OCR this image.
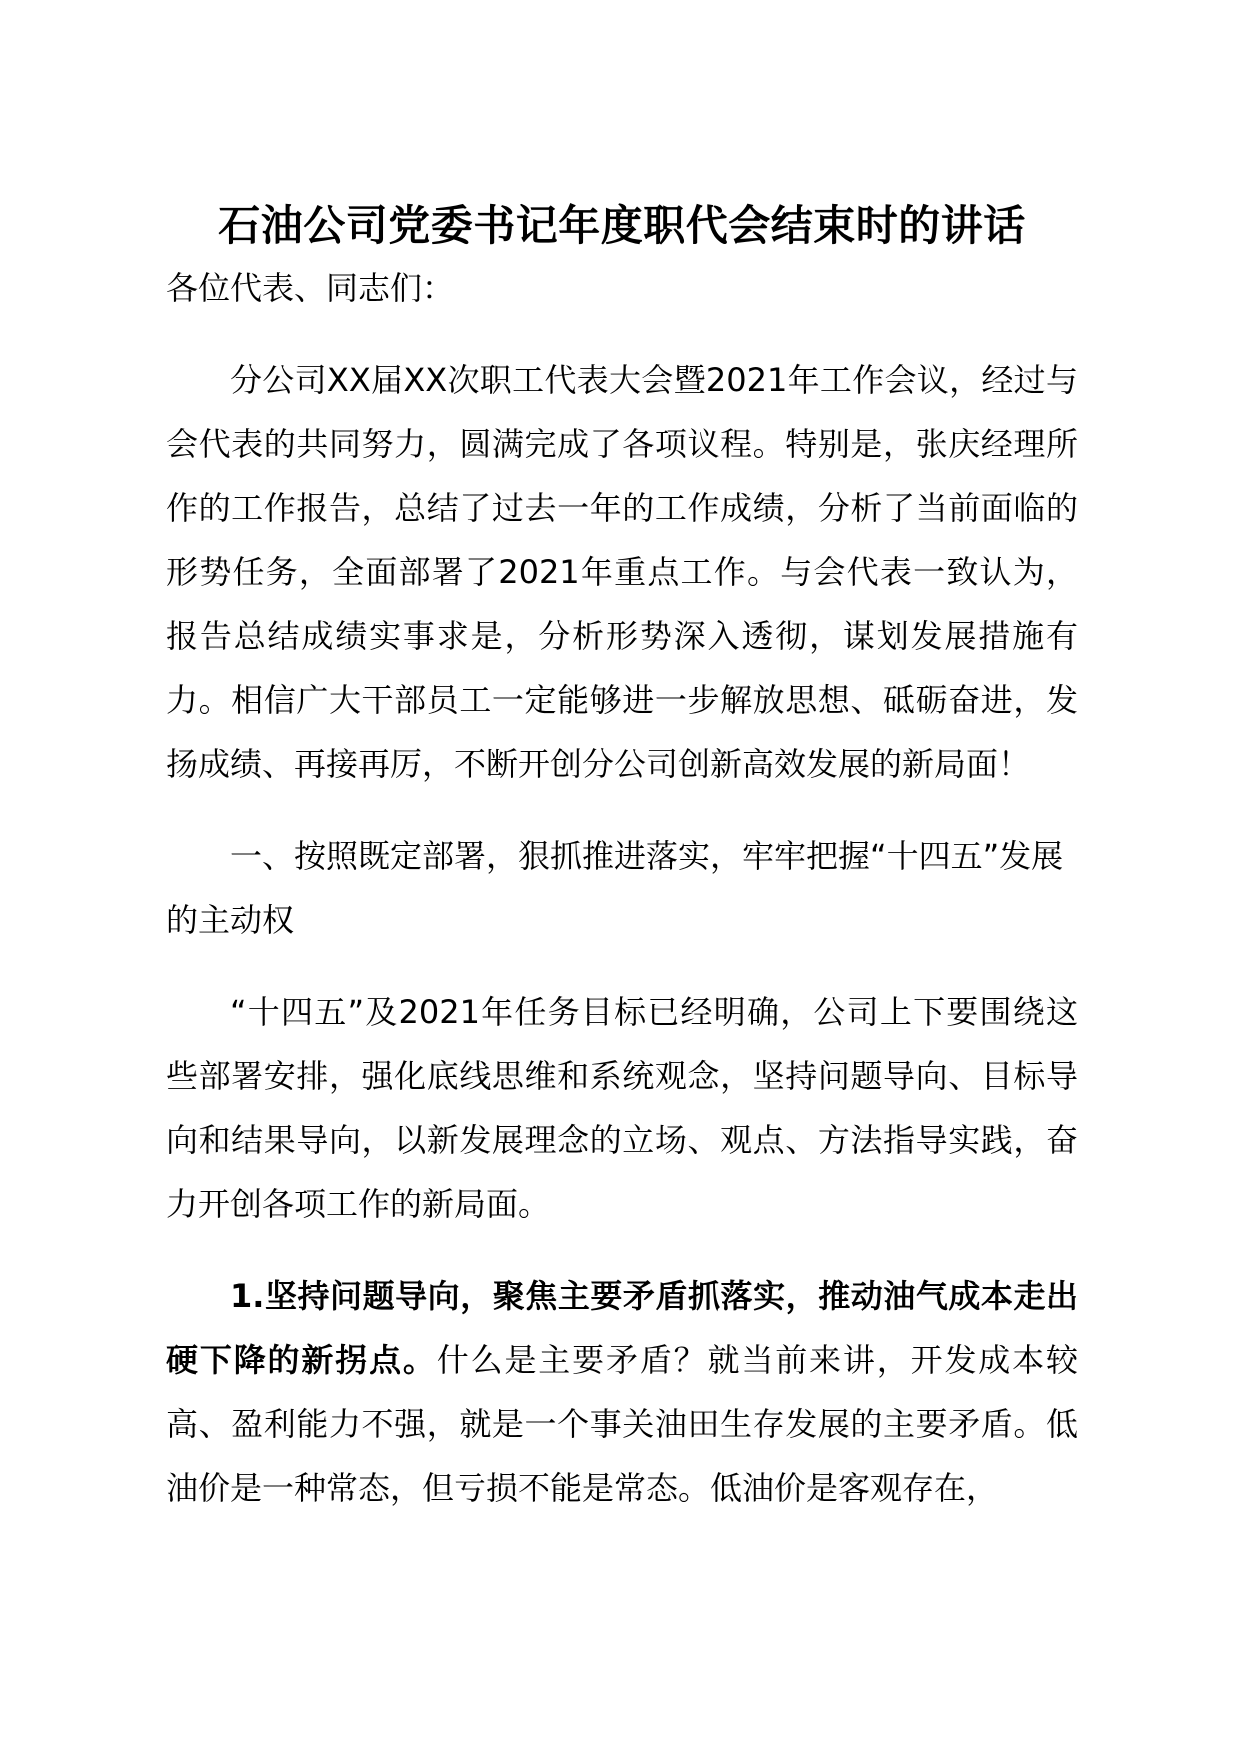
石油公司党委书记年度职代会结束时的讲话

各位代表、同志们：

分公司XX届XX次职工代表大会暨2021年工作会议，经过与会代表的共同努力，圆满完成了各项议程。特别是，张庆经理所作的工作报告，总结了过去一年的工作成绩，分析了当前面临的形势任务，全面部署了2021年重点工作。与会代表一致认为，报告总结成绩实事求是，分析形势深入透彻，谋划发展措施有力。相信广大干部员工一定能够进一步解放思想、砥砺奋进，发扬成绩、再接再厉，不断开创分公司创新高效发展的新局面！

一、按照既定部署，狠抓推进落实，牢牢把握“十四五”发展的主动权

“十四五”及2021年任务目标已经明确，公司上下要围绕这些部署安排，强化底线思维和系统观念，坚持问题导向、目标导向和结果导向，以新发展理念的立场、观点、方法指导实践，奋力开创各项工作的新局面。

1.坚持问题导向，聚焦主要矛盾抓落实，推动油气成本走出硬下降的新拐点。什么是主要矛盾？就当前来讲，开发成本较高、盈利能力不强，就是一个事关油田生存发展的主要矛盾。低油价是一种常态，但亏损不能是常态。低油价是客观存在，
